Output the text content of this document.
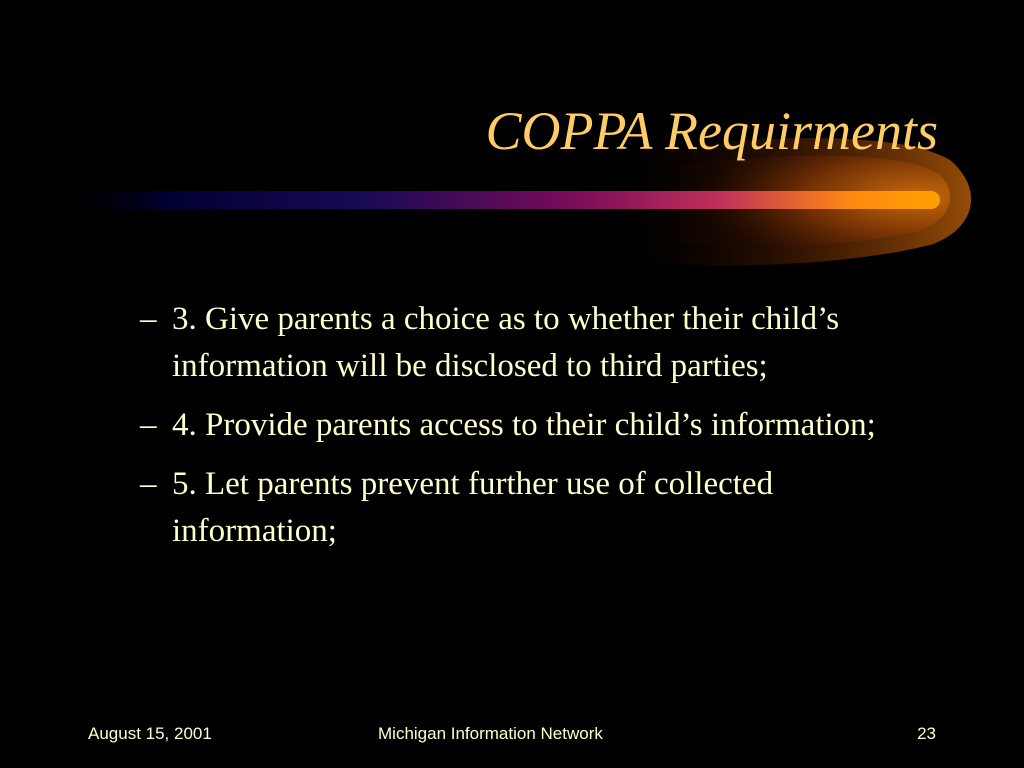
COPPA Requirments
– 3. Give parents a choice as to whether their child’s information will be disclosed to third parties;
– 4. Provide parents access to their child’s information;
– 5. Let parents prevent further use of collected information;
August 15, 2001	Michigan Information Network	23
